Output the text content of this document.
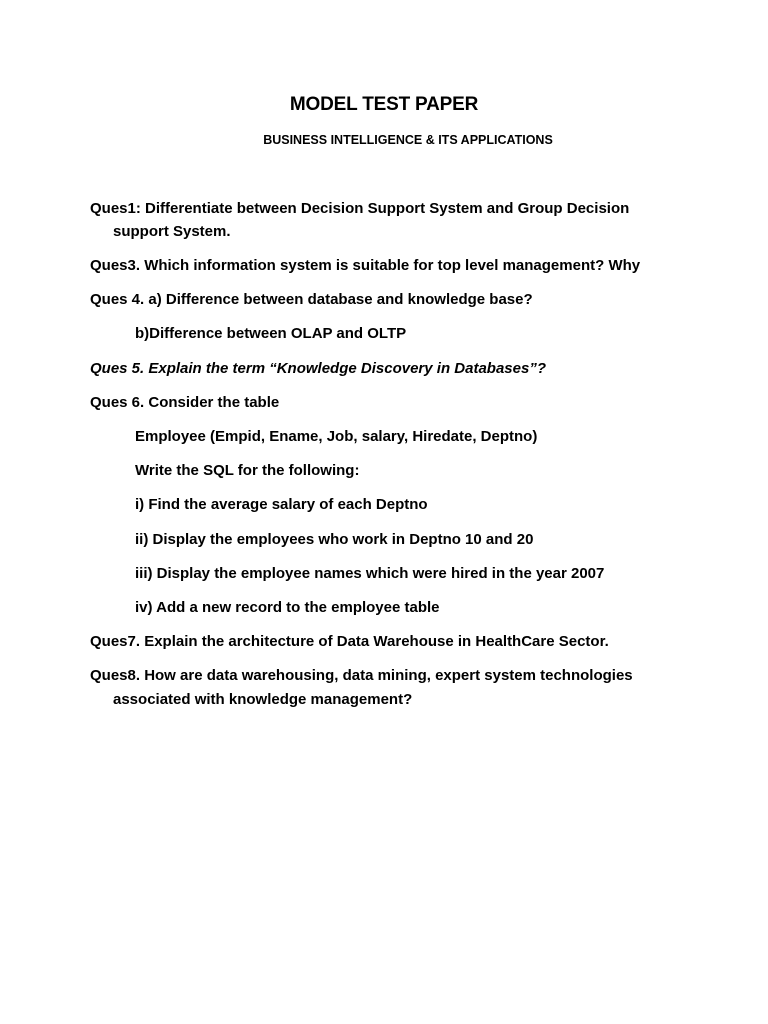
MODEL TEST PAPER
BUSINESS INTELLIGENCE & ITS APPLICATIONS
Ques1: Differentiate between Decision Support System and Group Decision
support System.
Ques3. Which information system is suitable for top level management? Why
Ques 4. a) Difference between database and knowledge base?
b)Difference between OLAP and OLTP
Ques 5. Explain the term “Knowledge Discovery in Databases”?
Ques 6. Consider the table
Employee (Empid, Ename, Job, salary, Hiredate, Deptno)
Write the SQL for the following:
i) Find the average salary of each Deptno
ii) Display the employees who work in Deptno 10 and 20
iii) Display the employee names which were hired in the year 2007
iv) Add a new record to the employee table
Ques7. Explain the architecture of Data Warehouse in HealthCare Sector.
Ques8. How are data warehousing, data mining, expert system technologies
associated with knowledge management?
